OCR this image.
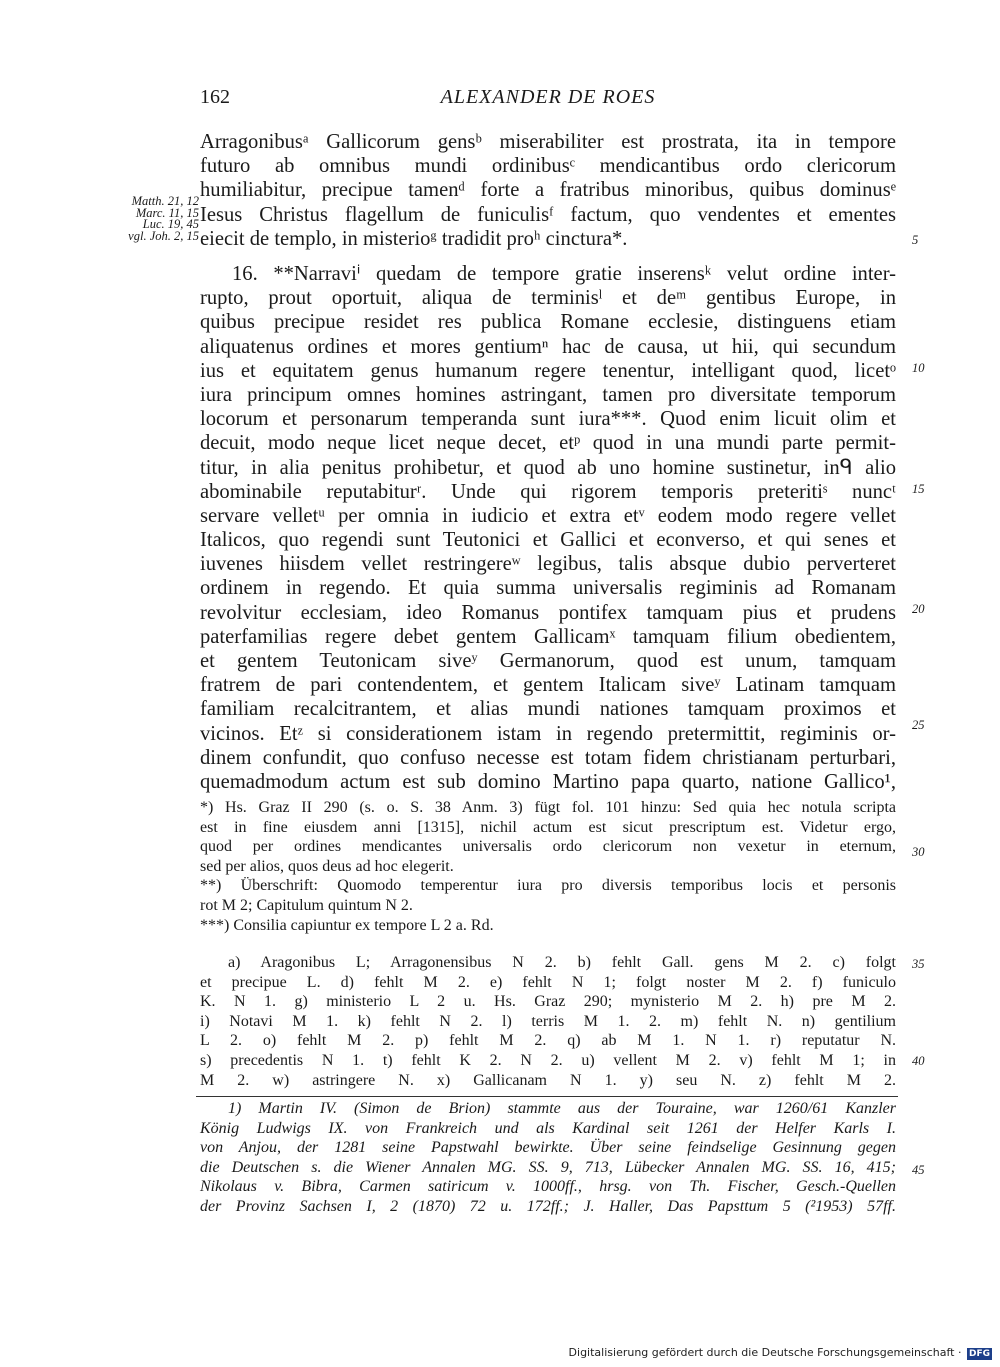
162	ALEXANDER DE ROES
Matth. 21, 12
Marc. 11, 15
Luc. 19, 45
vgl. Joh. 2, 15	5
10
15
20
25
30
35
40
45
Arragonibusᵃ Gallicorum gensᵇ miserabiliter est prostrata, ita in tempore
futuro ab omnibus mundi ordinibusᶜ mendicantibus ordo clericorum
humiliabitur, precipue tamenᵈ forte a fratribus minoribus, quibus dominusᵉ
Iesus Christus flagellum de funiculisᶠ factum, quo vendentes et ementes
eiecit de templo, in misterioᵍ tradidit proʰ cinctura*.
16. **Narraviⁱ quedam de tempore gratie inserensᵏ velut ordine inter-
rupto, prout oportuit, aliqua de terminisˡ et deᵐ gentibus Europe, in
quibus precipue residet res publica Romane ecclesie, distinguens etiam
aliquatenus ordines et mores gentiumⁿ hac de causa, ut hii, qui secundum
ius et equitatem genus humanum regere tenentur, intelligant quod, licetᵒ
iura principum omnes homines astringant, tamen pro diversitate temporum
locorum et personarum temperanda sunt iura***. Quod enim licuit olim et
decuit, modo neque licet neque decet, etᵖ quod in una mundi parte permit-
titur, in alia penitus prohibetur, et quod ab uno homine sustinetur, inᑫ alio
abominabile reputabiturʳ. Unde qui rigorem temporis preteritiˢ nuncᵗ
servare velletᵘ per omnia in iudicio et extra etᵛ eodem modo regere vellet
Italicos, quo regendi sunt Teutonici et Gallici et econverso, et qui senes et
iuvenes hiisdem vellet restringereʷ legibus, talis absque dubio perverteret
ordinem in regendo. Et quia summa universalis regiminis ad Romanam
revolvitur ecclesiam, ideo Romanus pontifex tamquam pius et prudens
paterfamilias regere debet gentem Gallicamˣ tamquam filium obedientem,
et gentem Teutonicam siveʸ Germanorum, quod est unum, tamquam
fratrem de pari contendentem, et gentem Italicam siveʸ Latinam tamquam
familiam recalcitrantem, et alias mundi nationes tamquam proximos et
vicinos. Etᶻ si considerationem istam in regendo pretermittit, regiminis or-
dinem confundit, quo confuso necesse est totam fidem christianam perturbari,
quemadmodum actum est sub domino Martino papa quarto, natione Gallico¹,
*) Hs. Graz II 290 (s. o. S. 38 Anm. 3) fügt fol. 101 hinzu: Sed quia hec notula scripta
est in fine eiusdem anni [1315], nichil actum est sicut prescriptum est. Videtur ergo,
quod per ordines mendicantes universalis ordo clericorum non vexetur in eternum,
sed per alios, quos deus ad hoc elegerit.
**) Überschrift: Quomodo temperentur iura pro diversis temporibus locis et personis
rot M 2; Capitulum quintum N 2.
***) Consilia capiuntur ex tempore L 2 a. Rd.
a) Aragonibus L; Arragonensibus N 2. b) fehlt Gall. gens M 2. c) folgt
et precipue L. d) fehlt M 2. e) fehlt N 1; folgt noster M 2. f) funiculo
K. N 1. g) ministerio L 2 u. Hs. Graz 290; mynisterio M 2. h) pre M 2.
i) Notavi M 1. k) fehlt N 2. l) terris M 1. 2. m) fehlt N. n) gentilium
L 2. o) fehlt M 2. p) fehlt M 2. q) ab M 1. N 1. r) reputatur N.
s) precedentis N 1. t) fehlt K 2. N 2. u) vellent M 2. v) fehlt M 1; in
M 2. w) astringere N. x) Gallicanam N 1. y) seu N. z) fehlt M 2.
1) Martin IV. (Simon de Brion) stammte aus der Touraine, war 1260/61 Kanzler
König Ludwigs IX. von Frankreich und als Kardinal seit 1261 der Helfer Karls I.
von Anjou, der 1281 seine Papstwahl bewirkte. Über seine feindselige Gesinnung gegen
die Deutschen s. die Wiener Annalen MG. SS. 9, 713, Lübecker Annalen MG. SS. 16, 415;
Nikolaus v. Bibra, Carmen satiricum v. 1000ff., hrsg. von Th. Fischer, Gesch.-Quellen
der Provinz Sachsen I, 2 (1870) 72 u. 172ff.; J. Haller, Das Papsttum 5 (²1953) 57ff.
Digitalisierung gefördert durch die Deutsche Forschungsgemeinschaft · DFG
